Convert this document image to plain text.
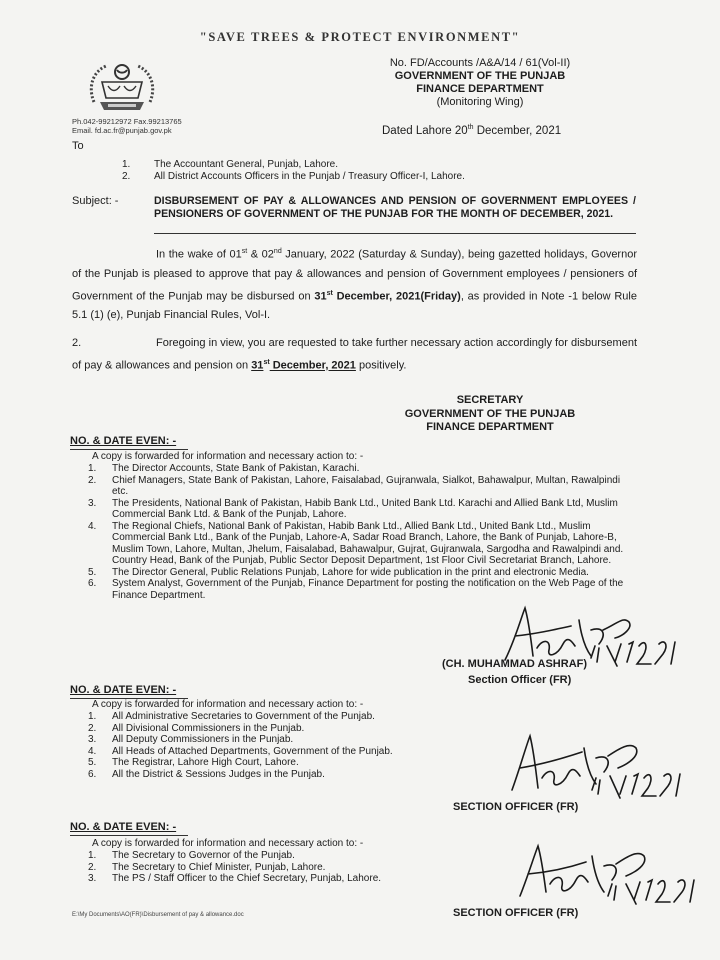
"SAVE TREES & PROTECT ENVIRONMENT"
Ph.042-99212972 Fax.99213765
Email. fd.ac.fr@punjab.gov.pk
No. FD/Accounts /A&A/14 / 61(Vol-II)
GOVERNMENT OF THE PUNJAB
FINANCE DEPARTMENT
(Monitoring Wing)
Dated Lahore 20th December, 2021
To
1. The Accountant General, Punjab, Lahore.
2. All District Accounts Officers in the Punjab / Treasury Officer-I, Lahore.
Subject: -	DISBURSEMENT OF PAY & ALLOWANCES AND PENSION OF GOVERNMENT EMPLOYEES / PENSIONERS OF GOVERNMENT OF THE PUNJAB FOR THE MONTH OF DECEMBER, 2021.
In the wake of 01st & 02nd January, 2022 (Saturday & Sunday), being gazetted holidays, Governor of the Punjab is pleased to approve that pay & allowances and pension of Government employees / pensioners of Government of the Punjab may be disbursed on 31st December, 2021(Friday), as provided in Note -1 below Rule 5.1 (1) (e), Punjab Financial Rules, Vol-I.
2.	Foregoing in view, you are requested to take further necessary action accordingly for disbursement of pay & allowances and pension on 31st December, 2021 positively.
SECRETARY
GOVERNMENT OF THE PUNJAB
FINANCE DEPARTMENT
NO. & DATE EVEN: -
A copy is forwarded for information and necessary action to: -
1.	The Director Accounts, State Bank of Pakistan, Karachi.
2.	Chief Managers, State Bank of Pakistan, Lahore, Faisalabad, Gujranwala, Sialkot, Bahawalpur, Multan, Rawalpindi etc.
3.	The Presidents, National Bank of Pakistan, Habib Bank Ltd., United Bank Ltd. Karachi and Allied Bank Ltd, Muslim Commercial Bank Ltd. & Bank of the Punjab, Lahore.
4.	The Regional Chiefs, National Bank of Pakistan, Habib Bank Ltd., Allied Bank Ltd., United Bank Ltd., Muslim Commercial Bank Ltd., Bank of the Punjab, Lahore-A, Sadar Road Branch, Lahore, the Bank of Punjab, Lahore-B, Muslim Town, Lahore, Multan, Jhelum, Faisalabad, Bahawalpur, Gujrat, Gujranwala, Sargodha and Rawalpindi and. Country Head, Bank of the Punjab, Public Sector Deposit Department, 1st Floor Civil Secretariat Branch, Lahore.
5.	The Director General, Public Relations Punjab, Lahore for wide publication in the print and electronic Media.
6.	System Analyst, Government of the Punjab, Finance Department for posting the notification on the Web Page of the Finance Department.
(CH. MUHAMMAD ASHRAF)
Section Officer (FR)
NO. & DATE EVEN: -
A copy is forwarded for information and necessary action to: -
1.	All Administrative Secretaries to Government of the Punjab.
2.	All Divisional Commissioners in the Punjab.
3.	All Deputy Commissioners in the Punjab.
4.	All Heads of Attached Departments, Government of the Punjab.
5.	The Registrar, Lahore High Court, Lahore.
6.	All the District & Sessions Judges in the Punjab.
SECTION OFFICER (FR)
NO. & DATE EVEN: -
A copy is forwarded for information and necessary action to: -
1.	The Secretary to Governor of the Punjab.
2.	The Secretary to Chief Minister, Punjab, Lahore.
3.	The PS / Staff Officer to the Chief Secretary, Punjab, Lahore.
SECTION OFFICER (FR)
E:\My Documents\AO(FR)\Disbursement of pay & allowance.doc
